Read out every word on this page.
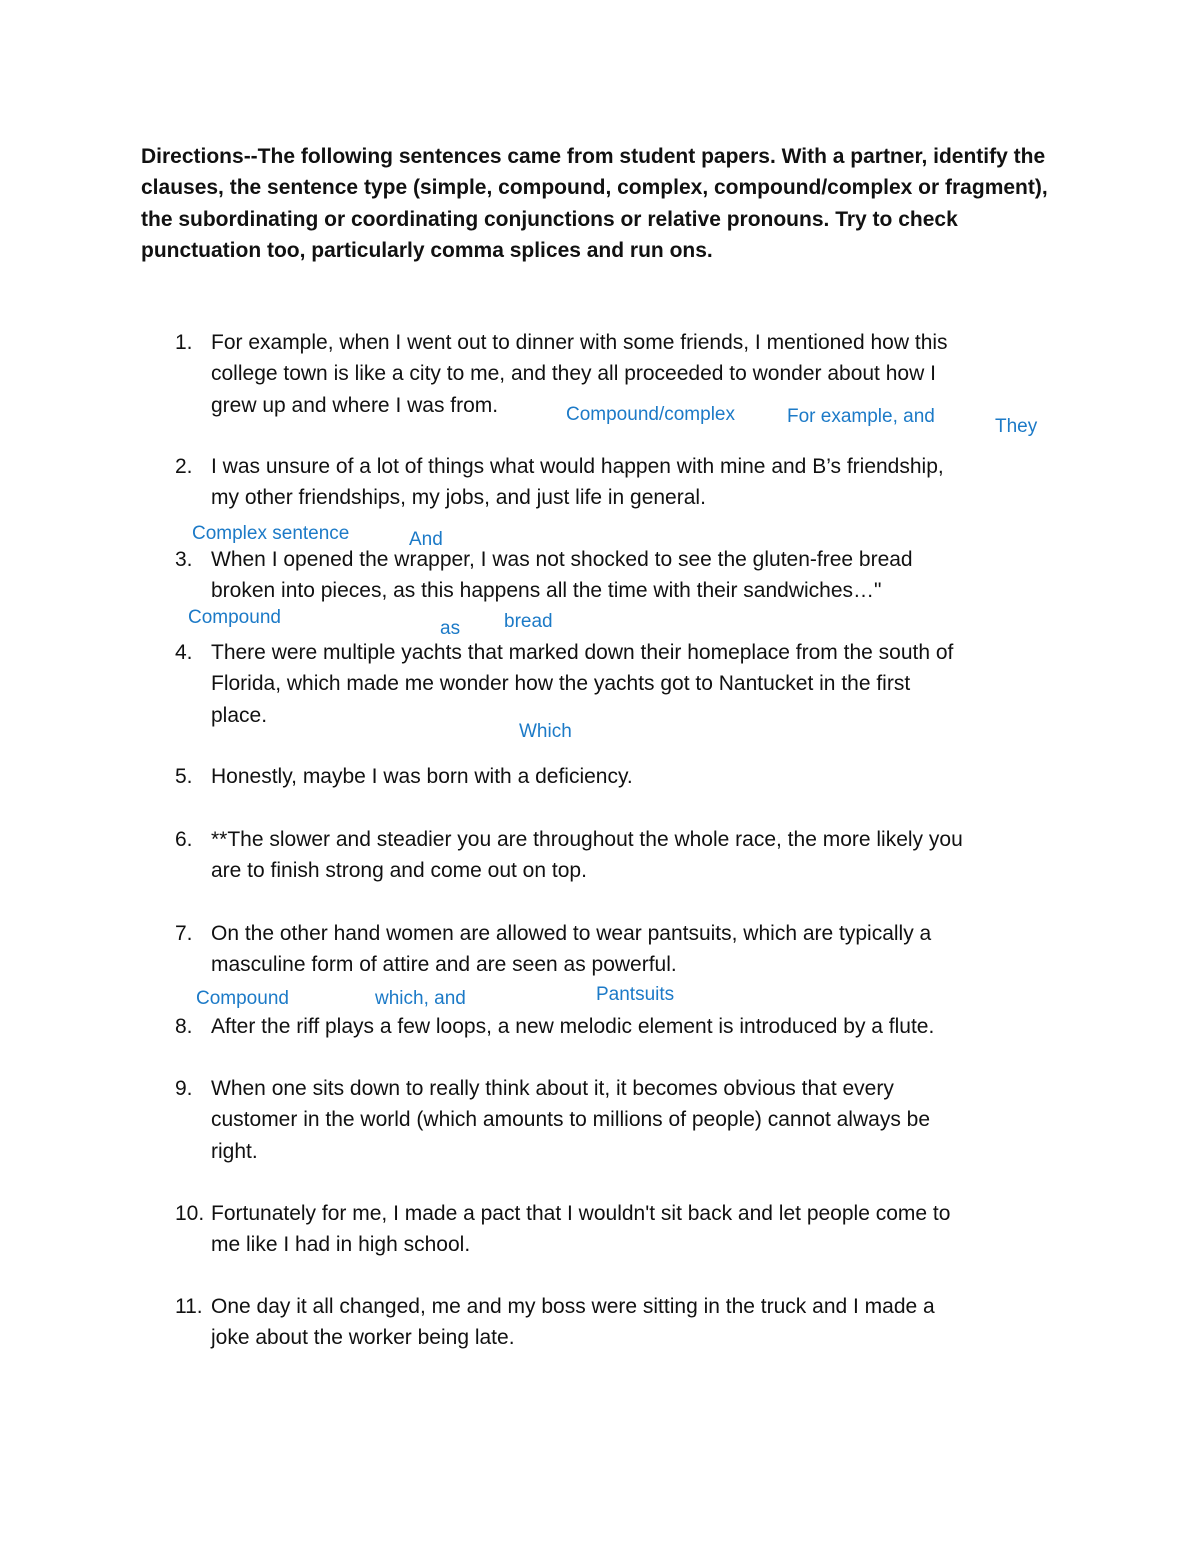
Directions--The following sentences came from student papers. With a partner, identify the clauses, the sentence type (simple, compound, complex, compound/complex or fragment), the subordinating or coordinating conjunctions or relative pronouns. Try to check punctuation too, particularly comma splices and run ons.

1. For example, when I went out to dinner with some friends, I mentioned how this
college town is like a city to me, and they all proceeded to wonder about how I
grew up and where I was from.
2. I was unsure of a lot of things what would happen with mine and B’s friendship,
my other friendships, my jobs, and just life in general.
3. When I opened the wrapper, I was not shocked to see the gluten-free bread
broken into pieces, as this happens all the time with their sandwiches…"
4. There were multiple yachts that marked down their homeplace from the south of
Florida, which made me wonder how the yachts got to Nantucket in the first
place.
5. Honestly, maybe I was born with a deficiency.
6. **The slower and steadier you are throughout the whole race, the more likely you
are to finish strong and come out on top.
7. On the other hand women are allowed to wear pantsuits, which are typically a
masculine form of attire and are seen as powerful.
8. After the riff plays a few loops, a new melodic element is introduced by a flute.
9. When one sits down to really think about it, it becomes obvious that every
customer in the world (which amounts to millions of people) cannot always be
right.
10. Fortunately for me, I made a pact that I wouldn't sit back and let people come to
me like I had in high school.
11. One day it all changed, me and my boss were sitting in the truck and I made a
joke about the worker being late.
Compound/complex	For example, and	They
Complex sentence	And
Compound
as bread
Which
Compound	which, and	Pantsuits
